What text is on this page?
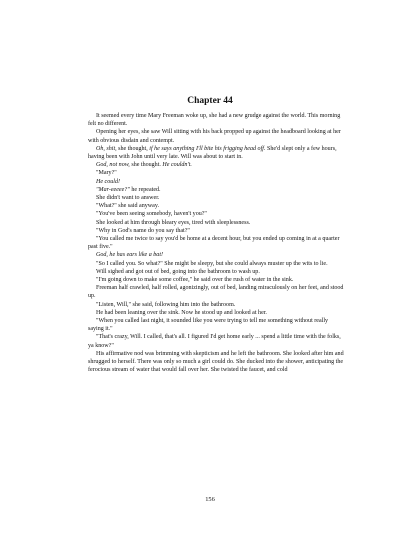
Chapter 44

It seemed every time Mary Freeman woke up, she had a new grudge against the world. This morning felt no different.

Opening her eyes, she saw Will sitting with his back propped up against the headboard looking at her with obvious disdain and contempt.

Oh, shit, she thought, if he says anything I'll bite his frigging head off. She'd slept only a few hours, having been with John until very late. Will was about to start in.

God, not now, she thought. He couldn't.

"Mary?"

He could!

"Mar-eeeee?" he repeated.

She didn't want to answer.

"What?" she said anyway.

"You've been seeing somebody, haven't you?"

She looked at him through bleary eyes, tired with sleeplessness.

"Why in God's name do you say that?"

"You called me twice to say you'd be home at a decent hour, but you ended up coming in at a quarter past five."

God, he has ears like a bat!

"So I called you. So what?" She might be sleepy, but she could always muster up the wits to lie.

Will sighed and got out of bed, going into the bathroom to wash up.

"I'm going down to make some coffee," he said over the rush of water in the sink.

Freeman half crawled, half rolled, agonizingly, out of bed, landing miraculously on her feet, and stood up.

"Listen, Will," she said, following him into the bathroom.

He had been leaning over the sink. Now he stood up and looked at her.

"When you called last night, it sounded like you were trying to tell me something without really saying it."

"That's crazy, Will. I called, that's all. I figured I'd get home early ... spend a little time with the folks, ya know?"

His affirmative nod was brimming with skepticism and he left the bathroom. She looked after him and shrugged to herself. There was only so much a girl could do. She ducked into the shower, anticipating the ferocious stream of water that would fall over her. She twisted the faucet, and cold

156
